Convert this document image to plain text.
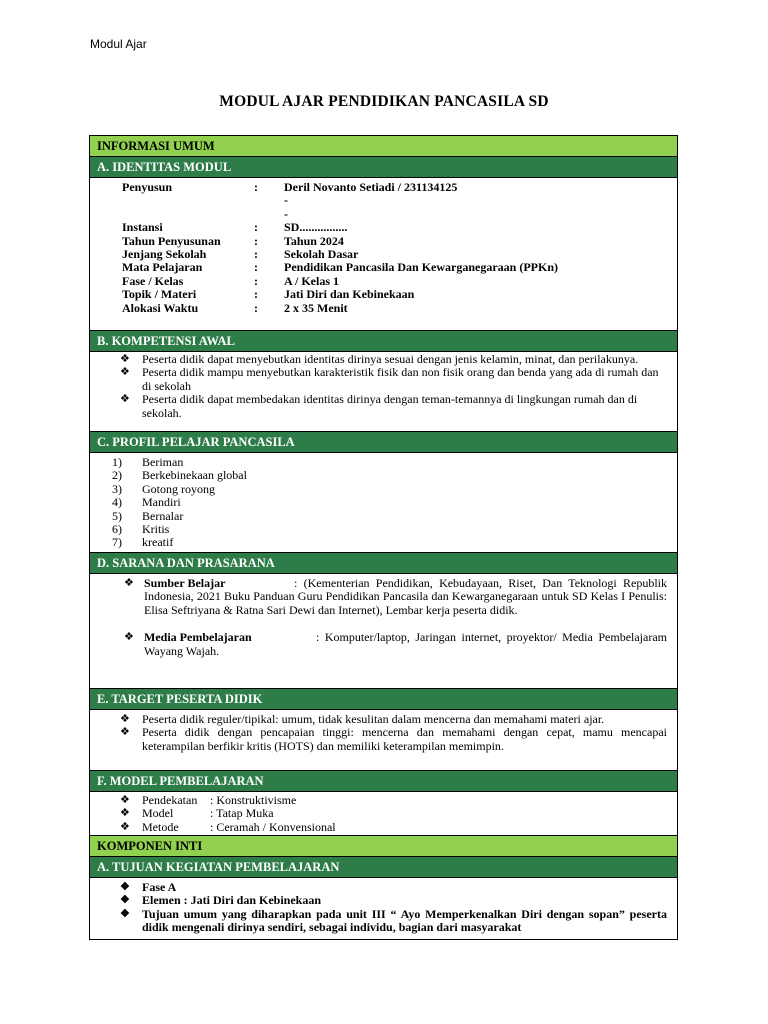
Modul Ajar
MODUL AJAR PENDIDIKAN PANCASILA SD
INFORMASI UMUM
A. IDENTITAS MODUL
Penyusun	:	Deril Novanto Setiadi / 231134125
-
-
Instansi	:	SD................
Tahun Penyusunan	:	Tahun 2024
Jenjang Sekolah	:	Sekolah Dasar
Mata Pelajaran	:	Pendidikan Pancasila Dan Kewarganegaraan (PPKn)
Fase / Kelas	:	A / Kelas 1
Topik / Materi	:	Jati Diri dan Kebinekaan
Alokasi Waktu	:	2 x 35 Menit
B. KOMPETENSI AWAL
❖	Peserta didik dapat menyebutkan identitas dirinya sesuai dengan jenis kelamin, minat, dan perilakunya.
❖	Peserta didik mampu menyebutkan karakteristik fisik dan non fisik orang dan benda yang ada di rumah dan di sekolah
❖	Peserta didik dapat membedakan identitas dirinya dengan teman-temannya di lingkungan rumah dan di sekolah.
C. PROFIL PELAJAR PANCASILA
1)	Beriman
2)	Berkebinekaan global
3)	Gotong royong
4)	Mandiri
5)	Bernalar
6)	Kritis
7)	kreatif
D. SARANA DAN PRASARANA
❖ Sumber Belajar	: (Kementerian Pendidikan, Kebudayaan, Riset, Dan Teknologi Republik Indonesia, 2021 Buku Panduan Guru Pendidikan Pancasila dan Kewarganegaraan untuk SD Kelas I Penulis: Elisa Seftriyana & Ratna Sari Dewi dan Internet), Lembar kerja peserta didik.
❖ Media Pembelajaran	: Komputer/laptop, Jaringan internet, proyektor/ Media Pembelajaram Wayang Wajah.
E. TARGET PESERTA DIDIK
❖	Peserta didik reguler/tipikal: umum, tidak kesulitan dalam mencerna dan memahami materi ajar.
❖	Peserta didik dengan pencapaian tinggi: mencerna dan memahami dengan cepat, mamu mencapai keterampilan berfikir kritis (HOTS) dan memiliki keterampilan memimpin.
F. MODEL PEMBELAJARAN
❖	Pendekatan : Konstruktivisme
❖	Model	: Tatap Muka
❖	Metode	: Ceramah / Konvensional
KOMPONEN INTI
A. TUJUAN KEGIATAN PEMBELAJARAN
❖	Fase A
❖	Elemen : Jati Diri dan Kebinekaan
❖	Tujuan umum yang diharapkan pada unit III “ Ayo Memperkenalkan Diri dengan sopan” peserta didik mengenali dirinya sendiri, sebagai individu, bagian dari masyarakat
